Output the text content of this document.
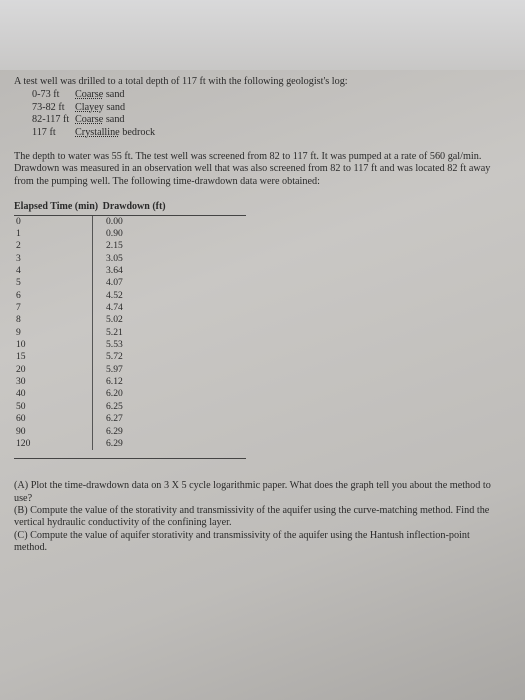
A test well was drilled to a total depth of 117 ft with the following geologist's log:
0-73 ft	Coarse sand
73-82 ft	Clayey sand
82-117 ft Coarse sand
117 ft	Crystalline bedrock
The depth to water was 55 ft. The test well was screened from 82 to 117 ft. It was pumped at a rate of 560 gal/min. Drawdown was measured in an observation well that was also screened from 82 to 117 ft and was located 82 ft away from the pumping well. The following time-drawdown data were obtained:
Elapsed Time (min) Drawdown (ft)
0	0.00
1	0.90
2	2.15
3	3.05
4	3.64
5	4.07
6	4.52
7	4.74
8	5.02
9	5.21
10	5.53
15	5.72
20	5.97
30	6.12
40	6.20
50	6.25
60	6.27
90	6.29
120	6.29
(A) Plot the time-drawdown data on 3 X 5 cycle logarithmic paper. What does the graph tell you about the method to use?
(B) Compute the value of the storativity and transmissivity of the aquifer using the curve-matching method. Find the vertical hydraulic conductivity of the confining layer.
(C) Compute the value of aquifer storativity and transmissivity of the aquifer using the Hantush inflection-point method.
